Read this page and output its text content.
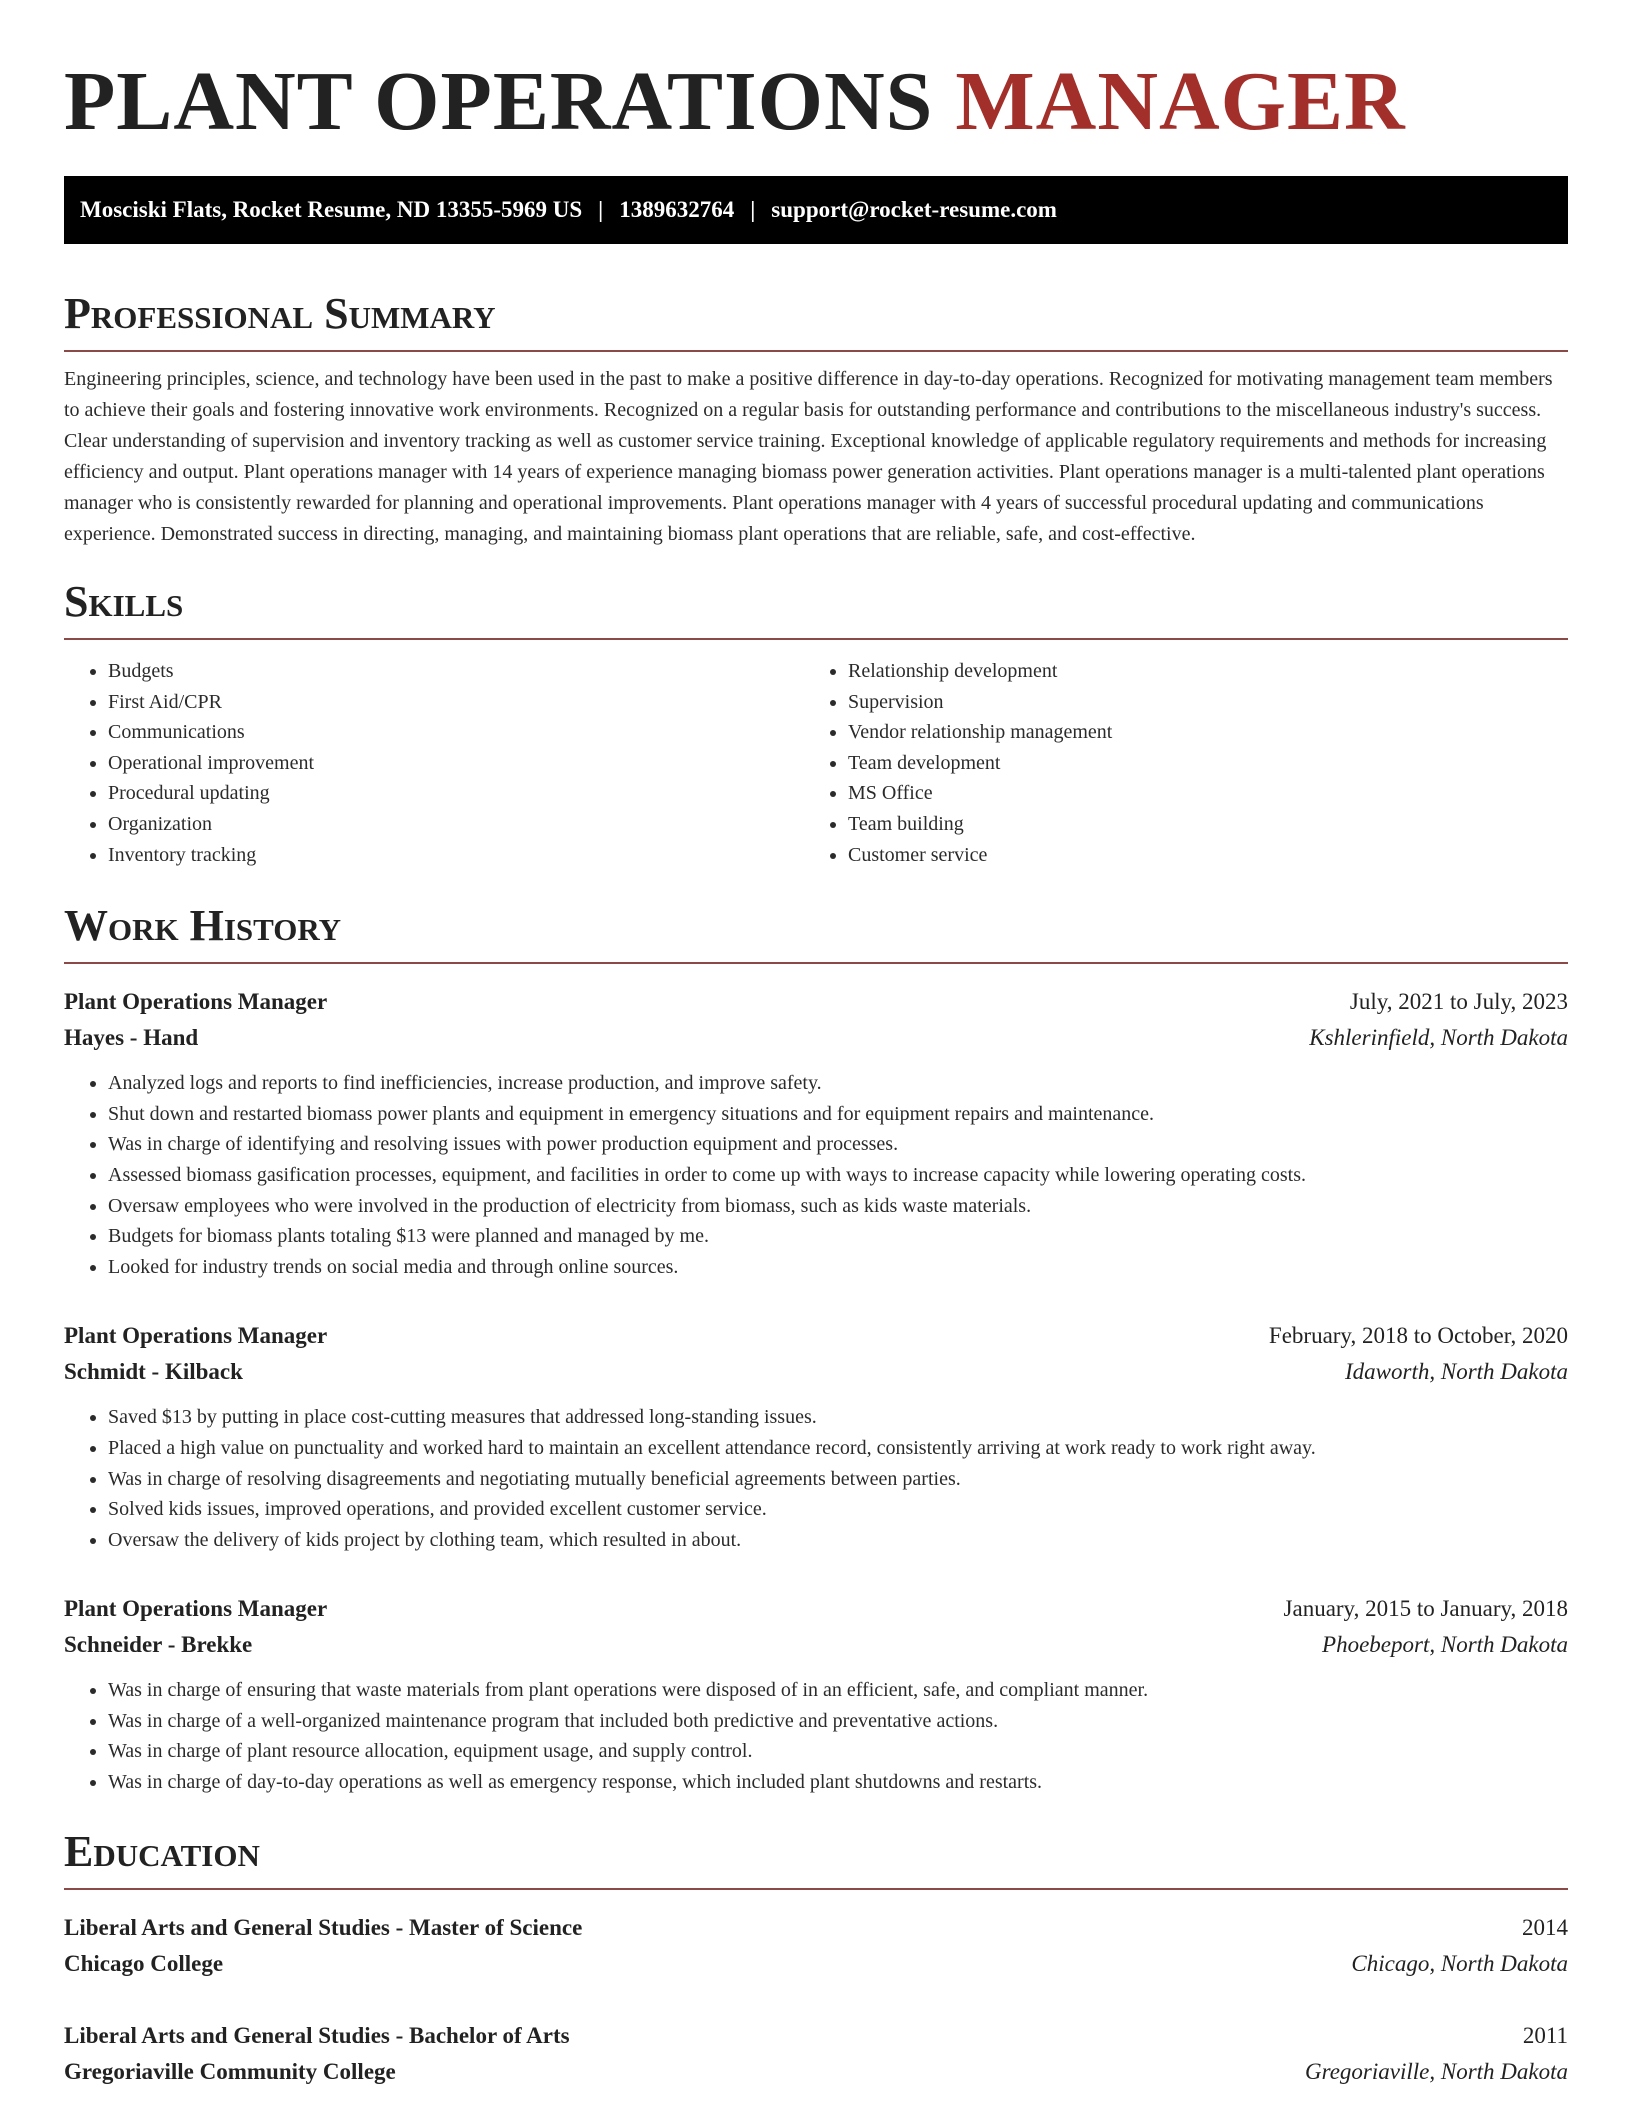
PLANT OPERATIONS MANAGER
Mosciski Flats, Rocket Resume, ND 13355-5969 US | 1389632764 | support@rocket-resume.com
Professional Summary

Engineering principles, science, and technology have been used in the past to make a positive difference in day-to-day operations. Recognized for motivating management team members to achieve their goals and fostering innovative work environments. Recognized on a regular basis for outstanding performance and contributions to the miscellaneous industry's success. Clear understanding of supervision and inventory tracking as well as customer service training. Exceptional knowledge of applicable regulatory requirements and methods for increasing efficiency and output. Plant operations manager with 14 years of experience managing biomass power generation activities. Plant operations manager is a multi-talented plant operations manager who is consistently rewarded for planning and operational improvements. Plant operations manager with 4 years of successful procedural updating and communications experience. Demonstrated success in directing, managing, and maintaining biomass plant operations that are reliable, safe, and cost-effective.

Skills
• Budgets
• First Aid/CPR
• Communications
• Operational improvement
• Procedural updating
• Organization
• Inventory tracking
• Relationship development
• Supervision
• Vendor relationship management
• Team development
• MS Office
• Team building
• Customer service
Work History
Plant Operations Manager	July, 2021 to July, 2023
Hayes - Hand	Kshlerinfield, North Dakota
• Analyzed logs and reports to find inefficiencies, increase production, and improve safety.
• Shut down and restarted biomass power plants and equipment in emergency situations and for equipment repairs and maintenance.
• Was in charge of identifying and resolving issues with power production equipment and processes.
• Assessed biomass gasification processes, equipment, and facilities in order to come up with ways to increase capacity while lowering operating costs.
• Oversaw employees who were involved in the production of electricity from biomass, such as kids waste materials.
• Budgets for biomass plants totaling $13 were planned and managed by me.
• Looked for industry trends on social media and through online sources.
Plant Operations Manager	February, 2018 to October, 2020
Schmidt - Kilback	Idaworth, North Dakota
• Saved $13 by putting in place cost-cutting measures that addressed long-standing issues.
• Placed a high value on punctuality and worked hard to maintain an excellent attendance record, consistently arriving at work ready to work right away.
• Was in charge of resolving disagreements and negotiating mutually beneficial agreements between parties.
• Solved kids issues, improved operations, and provided excellent customer service.
• Oversaw the delivery of kids project by clothing team, which resulted in about.
Plant Operations Manager	January, 2015 to January, 2018
Schneider - Brekke	Phoebeport, North Dakota
• Was in charge of ensuring that waste materials from plant operations were disposed of in an efficient, safe, and compliant manner.
• Was in charge of a well-organized maintenance program that included both predictive and preventative actions.
• Was in charge of plant resource allocation, equipment usage, and supply control.
• Was in charge of day-to-day operations as well as emergency response, which included plant shutdowns and restarts.
Education
Liberal Arts and General Studies - Master of Science	2014
Chicago College	Chicago, North Dakota
Liberal Arts and General Studies - Bachelor of Arts	2011
Gregoriaville Community College	Gregoriaville, North Dakota
